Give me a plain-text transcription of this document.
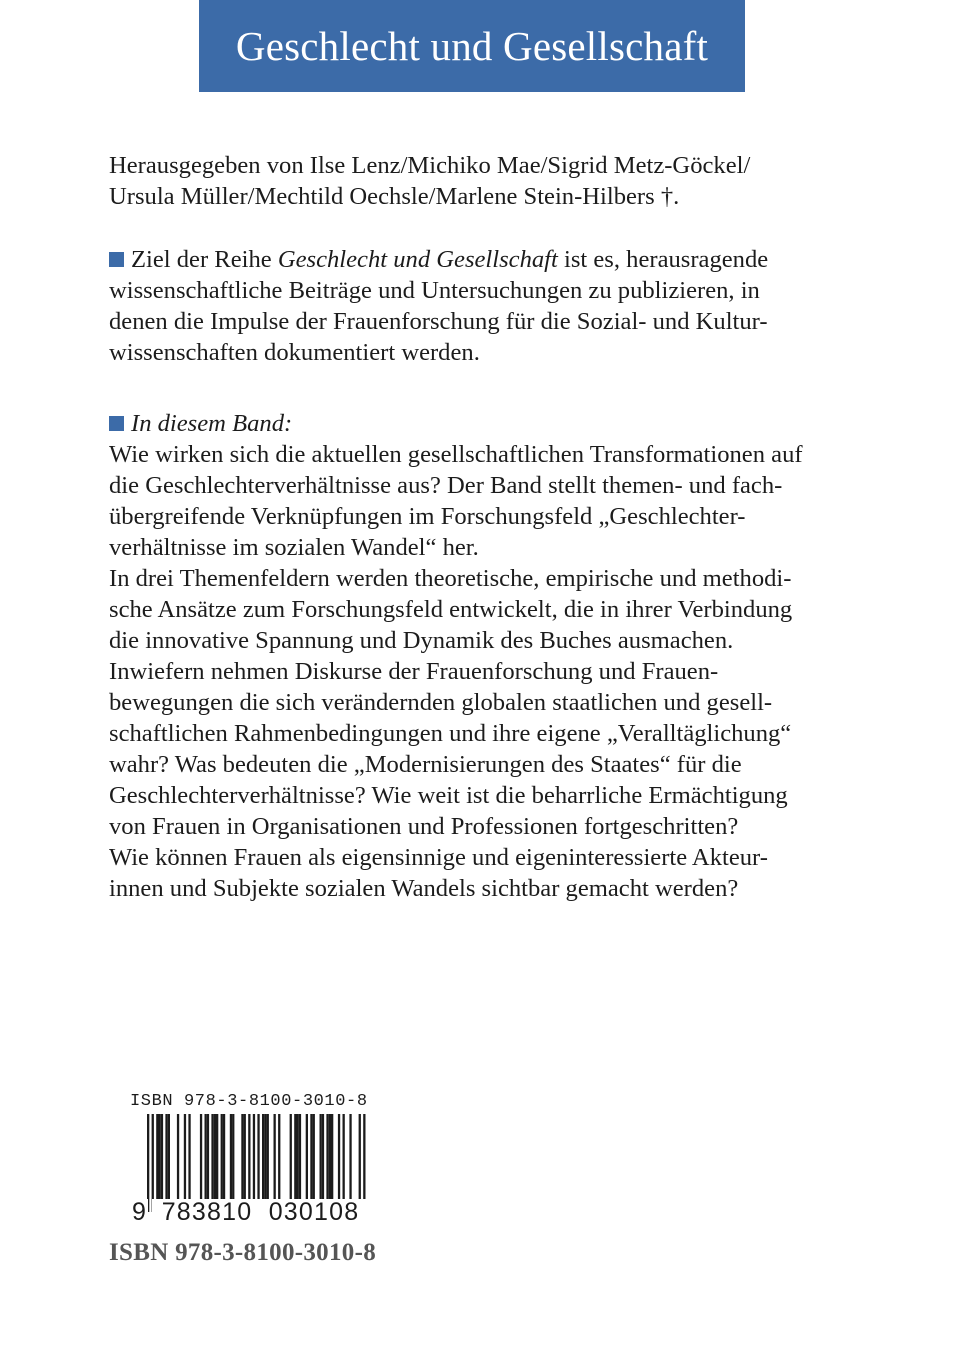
Geschlecht und Gesellschaft
Herausgegeben von Ilse Lenz/Michiko Mae/Sigrid Metz-Göckel/
Ursula Müller/Mechtild Oechsle/Marlene Stein-Hilbers †.
Ziel der Reihe Geschlecht und Gesellschaft ist es, herausragende
wissenschaftliche Beiträge und Untersuchungen zu publizieren, in
denen die Impulse der Frauenforschung für die Sozial- und Kultur-
wissenschaften dokumentiert werden.
In diesem Band:
Wie wirken sich die aktuellen gesellschaftlichen Transformationen auf
die Geschlechterverhältnisse aus? Der Band stellt themen- und fach-
übergreifende Verknüpfungen im Forschungsfeld „Geschlechter-
verhältnisse im sozialen Wandel“ her.
In drei Themenfeldern werden theoretische, empirische und methodi-
sche Ansätze zum Forschungsfeld entwickelt, die in ihrer Verbindung
die innovative Spannung und Dynamik des Buches ausmachen.
Inwiefern nehmen Diskurse der Frauenforschung und Frauen-
bewegungen die sich verändernden globalen staatlichen und gesell-
schaftlichen Rahmenbedingungen und ihre eigene „Veralltäglichung“
wahr? Was bedeuten die „Modernisierungen des Staates“ für die
Geschlechterverhältnisse? Wie weit ist die beharrliche Ermächtigung
von Frauen in Organisationen und Professionen fortgeschritten?
Wie können Frauen als eigensinnige und eigeninteressierte Akteur-
innen und Subjekte sozialen Wandels sichtbar gemacht werden?
ISBN 978-3-8100-3010-8
9 783810 030108
ISBN 978-3-8100-3010-8
